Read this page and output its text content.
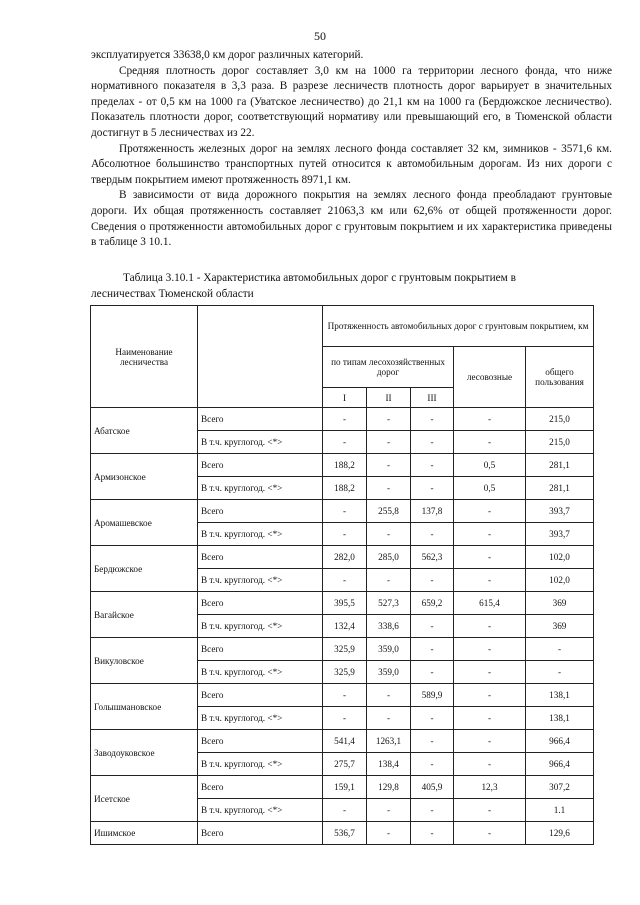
50

эксплуатируется 33638,0 км дорог различных категорий.

Средняя плотность дорог составляет 3,0 км на 1000 га территории лесного фонда, что ниже нормативного показателя в 3,3 раза. В разрезе лесничеств плотность дорог варьирует в значительных пределах - от 0,5 км на 1000 га (Уватское лесничество) до 21,1 км на 1000 га (Бердюжское лесничество). Показатель плотности дорог, соответствующий нормативу или превышающий его, в Тюменской области достигнут в 5 лесничествах из 22.

Протяженность железных дорог на землях лесного фонда составляет 32 км, зимников - 3571,6 км. Абсолютное большинство транспортных путей относится к автомобильным дорогам. Из них дороги с твердым покрытием имеют протяженность 8971,1 км.

В зависимости от вида дорожного покрытия на землях лесного фонда преобладают грунтовые дороги. Их общая протяженность составляет 21063,3 км или 62,6% от общей протяженности дорог. Сведения о протяженности автомобильных дорог с грунтовым покрытием и их характеристика приведены в таблице 3 10.1.

Таблица 3.10.1 - Характеристика автомобильных дорог с грунтовым покрытием в
лесничествах Тюменской области
Наименование лесничества		Протяженность автомобильных дорог с грунтовым покрытием, км				
		по типам лесохозяйственных дорог			лесовозные	общего пользования
		I	II	III		
Абатское	Всего	-	-	-	-	215,0
	В т.ч. круглогод. <*>	-	-	-	-	215,0
Армизонское	Всего	188,2	-	-	0,5	281,1
	В т.ч. круглогод. <*>	188,2	-	-	0,5	281,1
Аромашевское	Всего	-	255,8	137,8	-	393,7
	В т.ч. круглогод. <*>	-	-	-	-	393,7
Бердюжское	Всего	282,0	285,0	562,3	-	102,0
	В т.ч. круглогод. <*>	-	-	-	-	102,0
Вагайское	Всего	395,5	527,3	659,2	615,4	369
	В т.ч. круглогод. <*>	132,4	338,6	-	-	369
Викуловское	Всего	325,9	359,0	-	-	-
	В т.ч. круглогод. <*>	325,9	359,0	-	-	-
Голышмановское	Всего	-	-	589,9	-	138,1
	В т.ч. круглогод. <*>	-	-	-	-	138,1
Заводоуковское	Всего	541,4	1263,1	-	-	966,4
	В т.ч. круглогод. <*>	275,7	138,4	-	-	966,4
Исетское	Всего	159,1	129,8	405,9	12,3	307,2
	В т.ч. круглогод. <*>	-	-	-	-	1.1
Ишимское	Всего	536,7	-	-	-	129,6
